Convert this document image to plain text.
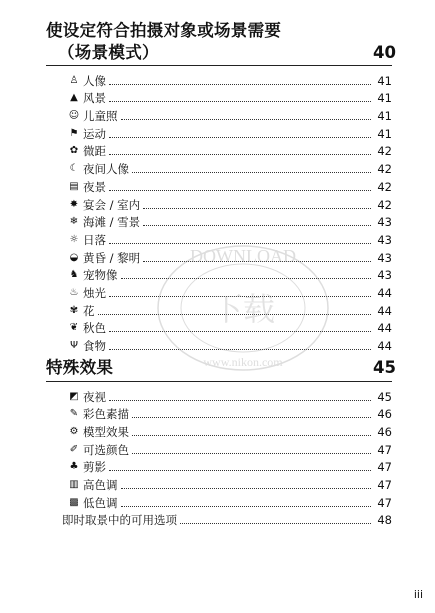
使设定符合拍摄对象或场景需要

（场景模式）	40
♙ 人像	41
▲ 风景	41
☺ 儿童照	41
⚑ 运动	41
✿ 微距	42
☾ 夜间人像	42
▤ 夜景	42
✸ 宴会 / 室内	42
❄ 海滩 / 雪景	43
☼ 日落	43
◒ 黄昏 / 黎明	43
♞ 宠物像	43
♨ 烛光	44
✾ 花	44
❦ 秋色	44
Ψ 食物	44

特殊效果	45
◩ 夜视	45
✎ 彩色素描	46
⚙ 模型效果	46
✐ 可选颜色	47
♣ 剪影	47
▥ 高色调	47
▩ 低色调	47
即时取景中的可用选项	48
DOWNLOAD
下载
www.nikon.com
iii
